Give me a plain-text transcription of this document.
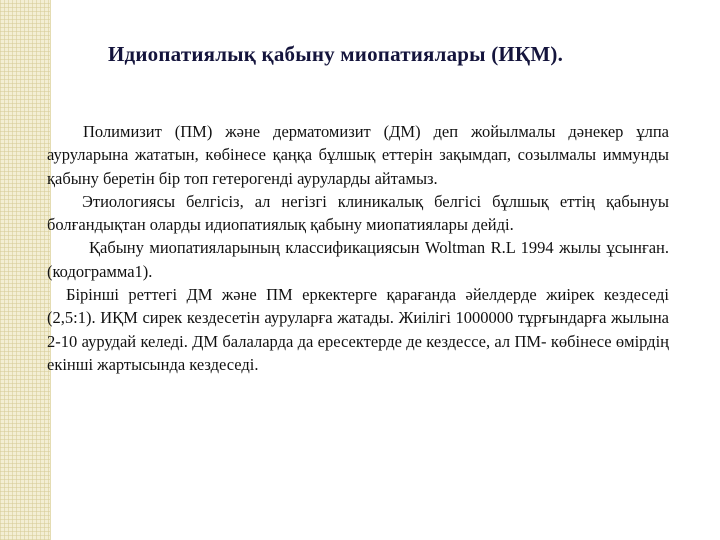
Идиопатиялық қабыну миопатиялары (ИҚМ).

Полимизит (ПМ) және дерматомизит (ДМ) деп жойылмалы дәнекер ұлпа ауруларына жататын, көбінесе қаңқа бұлшық еттерін зақымдап, созылмалы иммунды қабыну беретін бір топ гетерогенді ауруларды айтамыз.

Этиологиясы белгісіз, ал негізгі клиникалық белгісі бұлшық еттің қабынуы болғандықтан оларды идиопатиялық қабыну миопатиялары дейді.

Қабыну миопатияларының классификациясын Woltman R.L 1994 жылы ұсынған. (кодограмма1).

Бірінші реттегі ДМ және ПМ еркектерге қарағанда әйелдерде жиірек кездеседі (2,5:1). ИҚМ сирек кездесетін ауруларға жатады. Жиілігі 1000000 тұрғындарға жылына 2-10 аурудай келеді. ДМ балаларда да ересектерде де кездессе, ал ПМ- көбінесе өмірдің екінші жартысында кездеседі.
